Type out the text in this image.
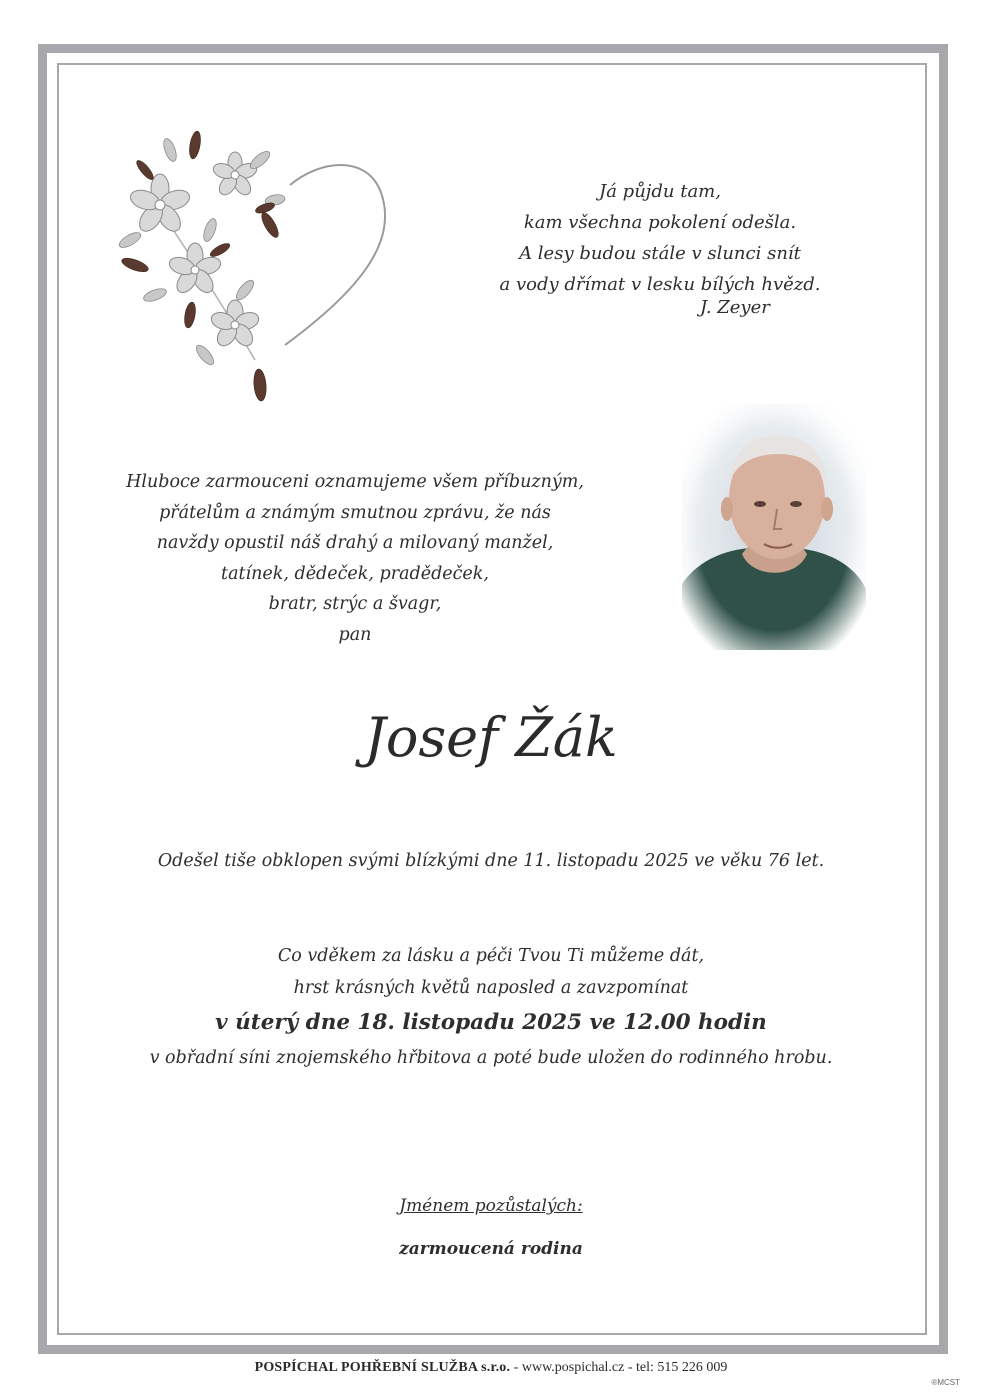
Já půjdu tam,
kam všechna pokolení odešla.
A lesy budou stále v slunci snít
a vody dřímat v lesku bílých hvězd.
J. Zeyer
Hluboce zarmouceni oznamujeme všem příbuzným,
přátelům a známým smutnou zprávu, že nás
navždy opustil náš drahý a milovaný manžel,
tatínek, dědeček, pradědeček,
bratr, strýc a švagr,
pan
Josef Žák
Odešel tiše obklopen svými blízkými dne 11. listopadu 2025 ve věku 76 let.
Co vděkem za lásku a péči Tvou Ti můžeme dát,
hrst krásných květů naposled a zavzpomínat
v úterý dne 18. listopadu 2025 ve 12.00 hodin
v obřadní síni znojemského hřbitova a poté bude uložen do rodinného hrobu.
Jménem pozůstalých:
zarmoucená rodina
POSPÍCHAL POHŘEBNÍ SLUŽBA s.r.o. - www.pospichal.cz - tel: 515 226 009
®MCST
